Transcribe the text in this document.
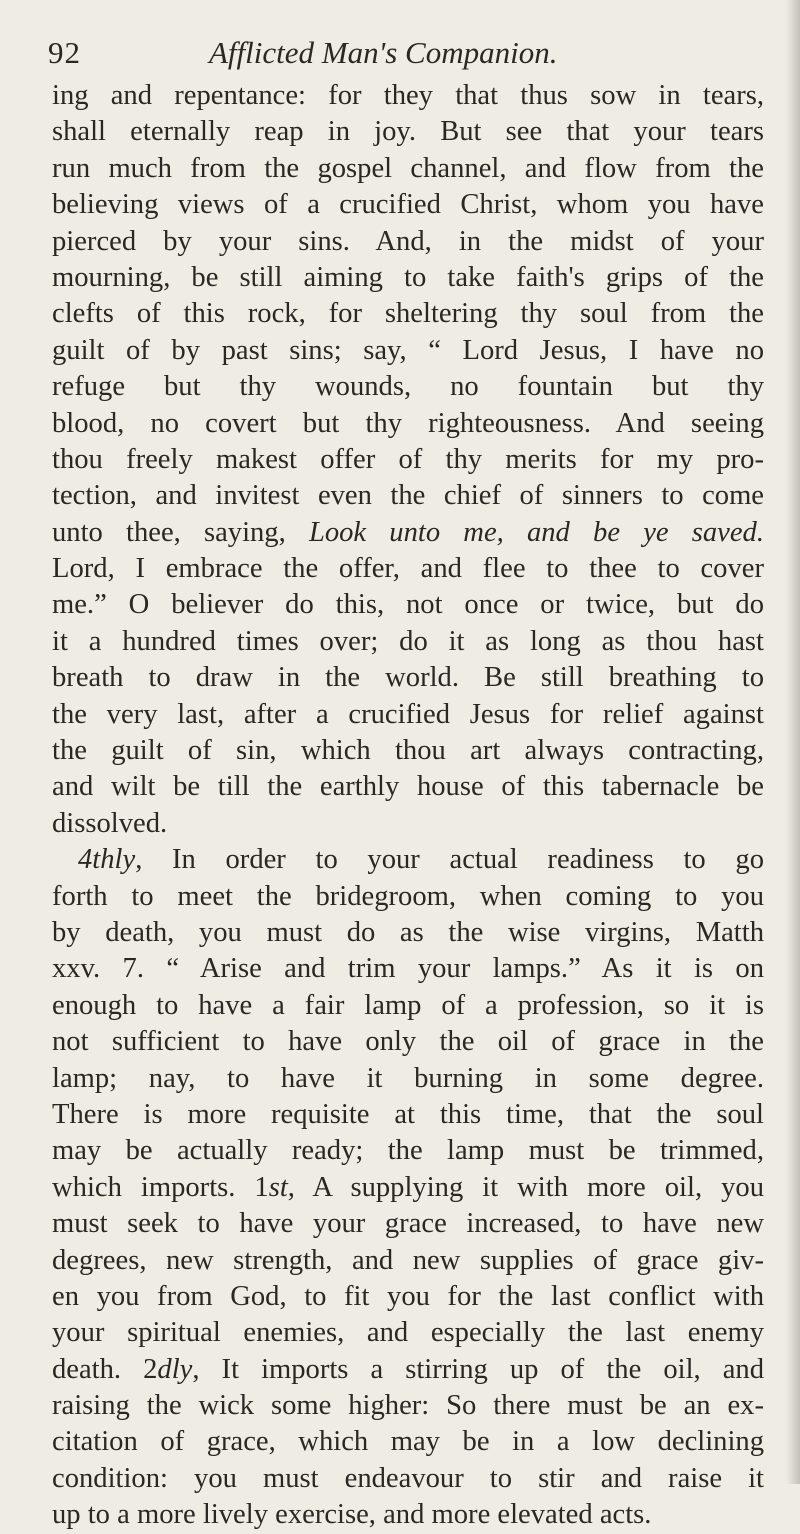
92	Afflicted Man's Companion.
ing and repentance: for they that thus sow in tears,
shall eternally reap in joy. But see that your tears
run much from the gospel channel, and flow from the
believing views of a crucified Christ, whom you have
pierced by your sins. And, in the midst of your
mourning, be still aiming to take faith's grips of the
clefts of this rock, for sheltering thy soul from the
guilt of by past sins; say, “ Lord Jesus, I have no
refuge but thy wounds, no fountain but thy
blood, no covert but thy righteousness. And seeing
thou freely makest offer of thy merits for my pro-
tection, and invitest even the chief of sinners to come
unto thee, saying, Look unto me, and be ye saved.
Lord, I embrace the offer, and flee to thee to cover
me.” O believer do this, not once or twice, but do
it a hundred times over; do it as long as thou hast
breath to draw in the world. Be still breathing to
the very last, after a crucified Jesus for relief against
the guilt of sin, which thou art always contracting,
and wilt be till the earthly house of this tabernacle be
dissolved.
4thly, In order to your actual readiness to go
forth to meet the bridegroom, when coming to you
by death, you must do as the wise virgins, Matth
xxv. 7. “ Arise and trim your lamps.” As it is on
enough to have a fair lamp of a profession, so it is
not sufficient to have only the oil of grace in the
lamp; nay, to have it burning in some degree.
There is more requisite at this time, that the soul
may be actually ready; the lamp must be trimmed,
which imports. 1st, A supplying it with more oil, you
must seek to have your grace increased, to have new
degrees, new strength, and new supplies of grace giv-
en you from God, to fit you for the last conflict with
your spiritual enemies, and especially the last enemy
death. 2dly, It imports a stirring up of the oil, and
raising the wick some higher: So there must be an ex-
citation of grace, which may be in a low declining
condition: you must endeavour to stir and raise it
up to a more lively exercise, and more elevated acts.
